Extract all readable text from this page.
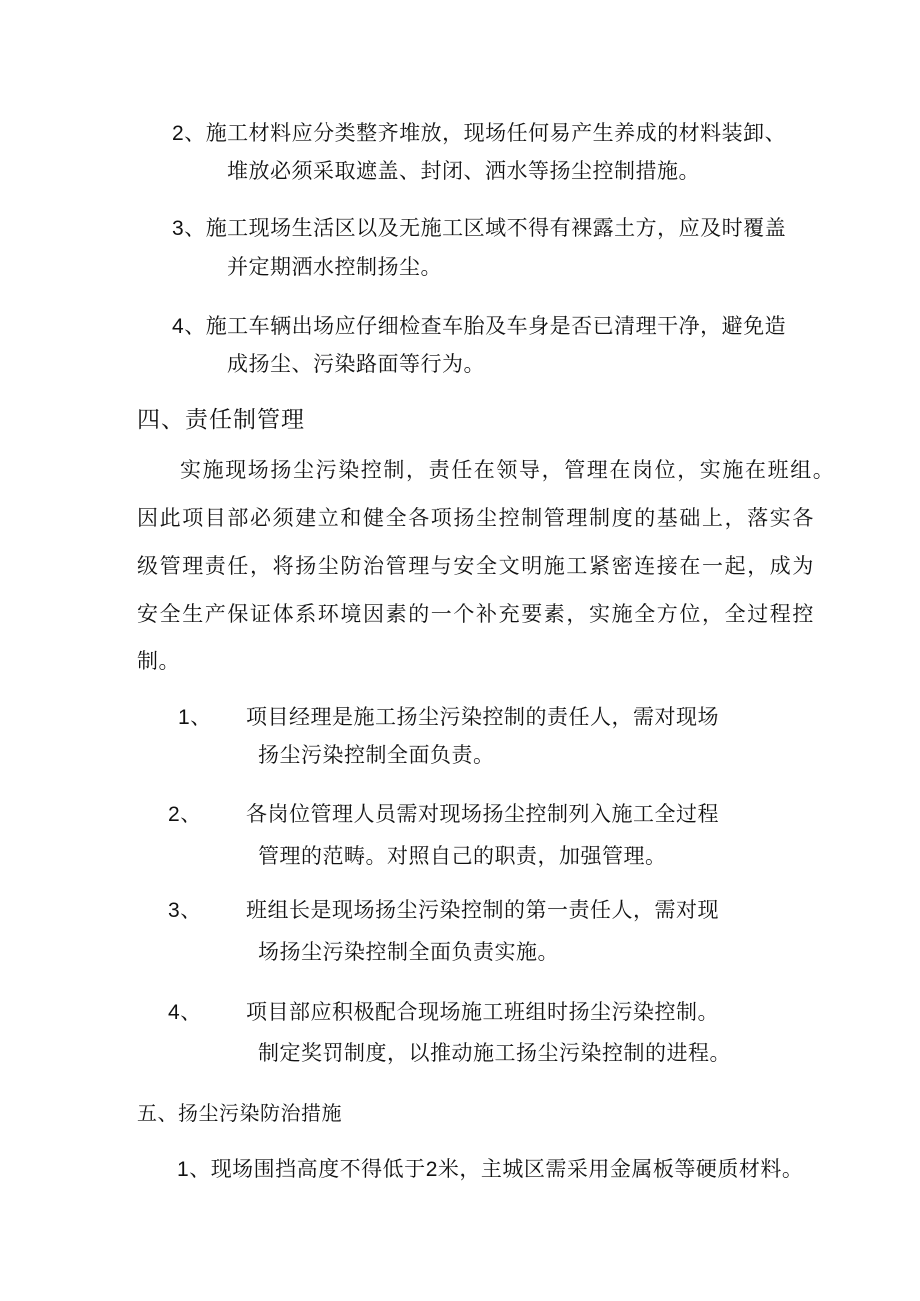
2、施工材料应分类整齐堆放，现场任何易产生养成的材料装卸、
堆放必须采取遮盖、封闭、洒水等扬尘控制措施。
3、施工现场生活区以及无施工区域不得有裸露土方，应及时覆盖
并定期洒水控制扬尘。
4、施工车辆出场应仔细检查车胎及车身是否已清理干净，避免造
成扬尘、污染路面等行为。
四、责任制管理
实施现场扬尘污染控制，责任在领导，管理在岗位，实施在班组。
因此项目部必须建立和健全各项扬尘控制管理制度的基础上，落实各
级管理责任，将扬尘防治管理与安全文明施工紧密连接在一起，成为
安全生产保证体系环境因素的一个补充要素，实施全方位，全过程控
制。
1、 项目经理是施工扬尘污染控制的责任人，需对现场
扬尘污染控制全面负责。
2、 各岗位管理人员需对现场扬尘控制列入施工全过程
管理的范畴。对照自己的职责，加强管理。
3、 班组长是现场扬尘污染控制的第一责任人，需对现
场扬尘污染控制全面负责实施。
4、 项目部应积极配合现场施工班组时扬尘污染控制。
制定奖罚制度，以推动施工扬尘污染控制的进程。
五、扬尘污染防治措施
1、现场围挡高度不得低于2米，主城区需采用金属板等硬质材料。
